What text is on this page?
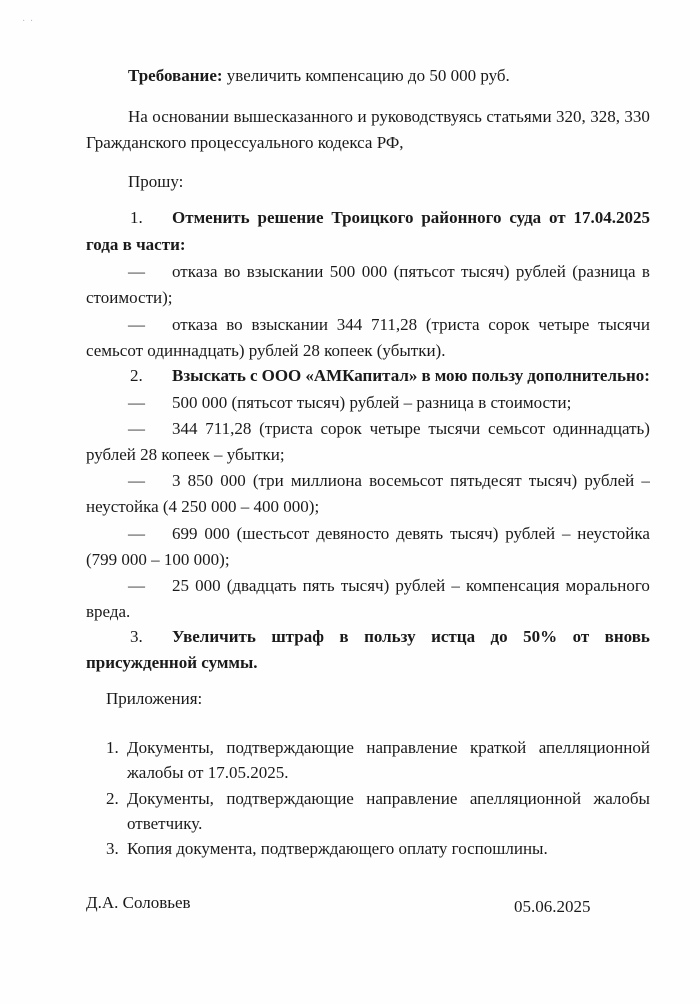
· ·
Требование: увеличить компенсацию до 50 000 руб.
На основании вышесказанного и руководствуясь статьями 320, 328, 330
Гражданского процессуального кодекса РФ,
Прошу:
1.	Отменить решение Троицкого районного суда от 17.04.2025
года в части:
—	отказа во взыскании 500 000 (пятьсот тысяч) рублей (разница в
стоимости);
—	отказа во взыскании 344 711,28 (триста сорок четыре тысячи
семьсот одиннадцать) рублей 28 копеек (убытки).
2.	Взыскать с ООО «АМКапитал» в мою пользу дополнительно:
—	500 000 (пятьсот тысяч) рублей – разница в стоимости;
—	344 711,28 (триста сорок четыре тысячи семьсот одиннадцать)
рублей 28 копеек – убытки;
—	3 850 000 (три миллиона восемьсот пятьдесят тысяч) рублей –
неустойка (4 250 000 – 400 000);
—	699 000 (шестьсот девяносто девять тысяч) рублей – неустойка
(799 000 – 100 000);
—	25 000 (двадцать пять тысяч) рублей – компенсация морального
вреда.
3.	Увеличить штраф в пользу истца до 50% от вновь
присужденной суммы.
Приложения:
1. Документы, подтверждающие направление краткой апелляционной
жалобы от 17.05.2025.
2. Документы, подтверждающие направление апелляционной жалобы
ответчику.
3. Копия документа, подтверждающего оплату госпошлины.
Д.А. Соловьев	05.06.2025
